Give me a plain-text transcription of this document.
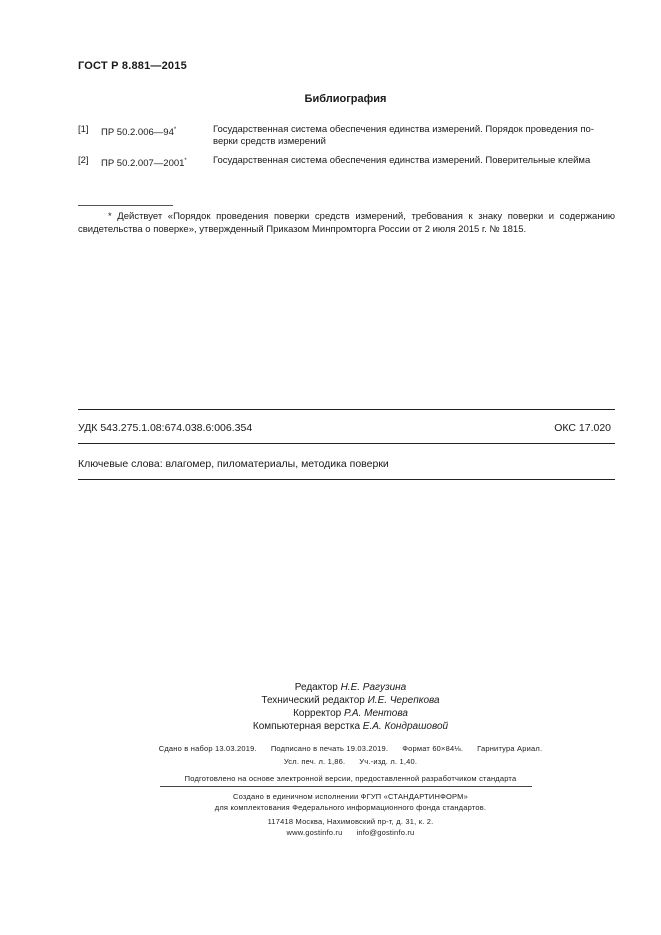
ГОСТ Р 8.881—2015
Библиография
[1] ПР 50.2.006—94*	Государственная система обеспечения единства измерений. Порядок проведения по-верки средств измерений
[2] ПР 50.2.007—2001*	Государственная система обеспечения единства измерений. Поверительные клейма
* Действует «Порядок проведения поверки средств измерений, требования к знаку поверки и содержанию свидетельства о поверке», утвержденный Приказом Минпромторга России от 2 июля 2015 г. № 1815.
УДК 543.275.1.08:674.038.6:006.354	ОКС 17.020
Ключевые слова: влагомер, пиломатериалы, методика поверки
Редактор Н.Е. Рагузина
Технический редактор И.Е. Черепкова
Корректор Р.А. Ментова
Компьютерная верстка Е.А. Кондрашовой
Сдано в набор 13.03.2019. Подписано в печать 19.03.2019. Формат 60×84⅛. Гарнитура Ариал.
Усл. печ. л. 1,86. Уч.-изд. л. 1,40.
Подготовлено на основе электронной версии, предоставленной разработчиком стандарта
Создано в единичном исполнении ФГУП «СТАНДАРТИНФОРМ»
для комплектования Федерального информационного фонда стандартов.
117418 Москва, Нахимовский пр-т, д. 31, к. 2.
www.gostinfo.ru info@gostinfo.ru
